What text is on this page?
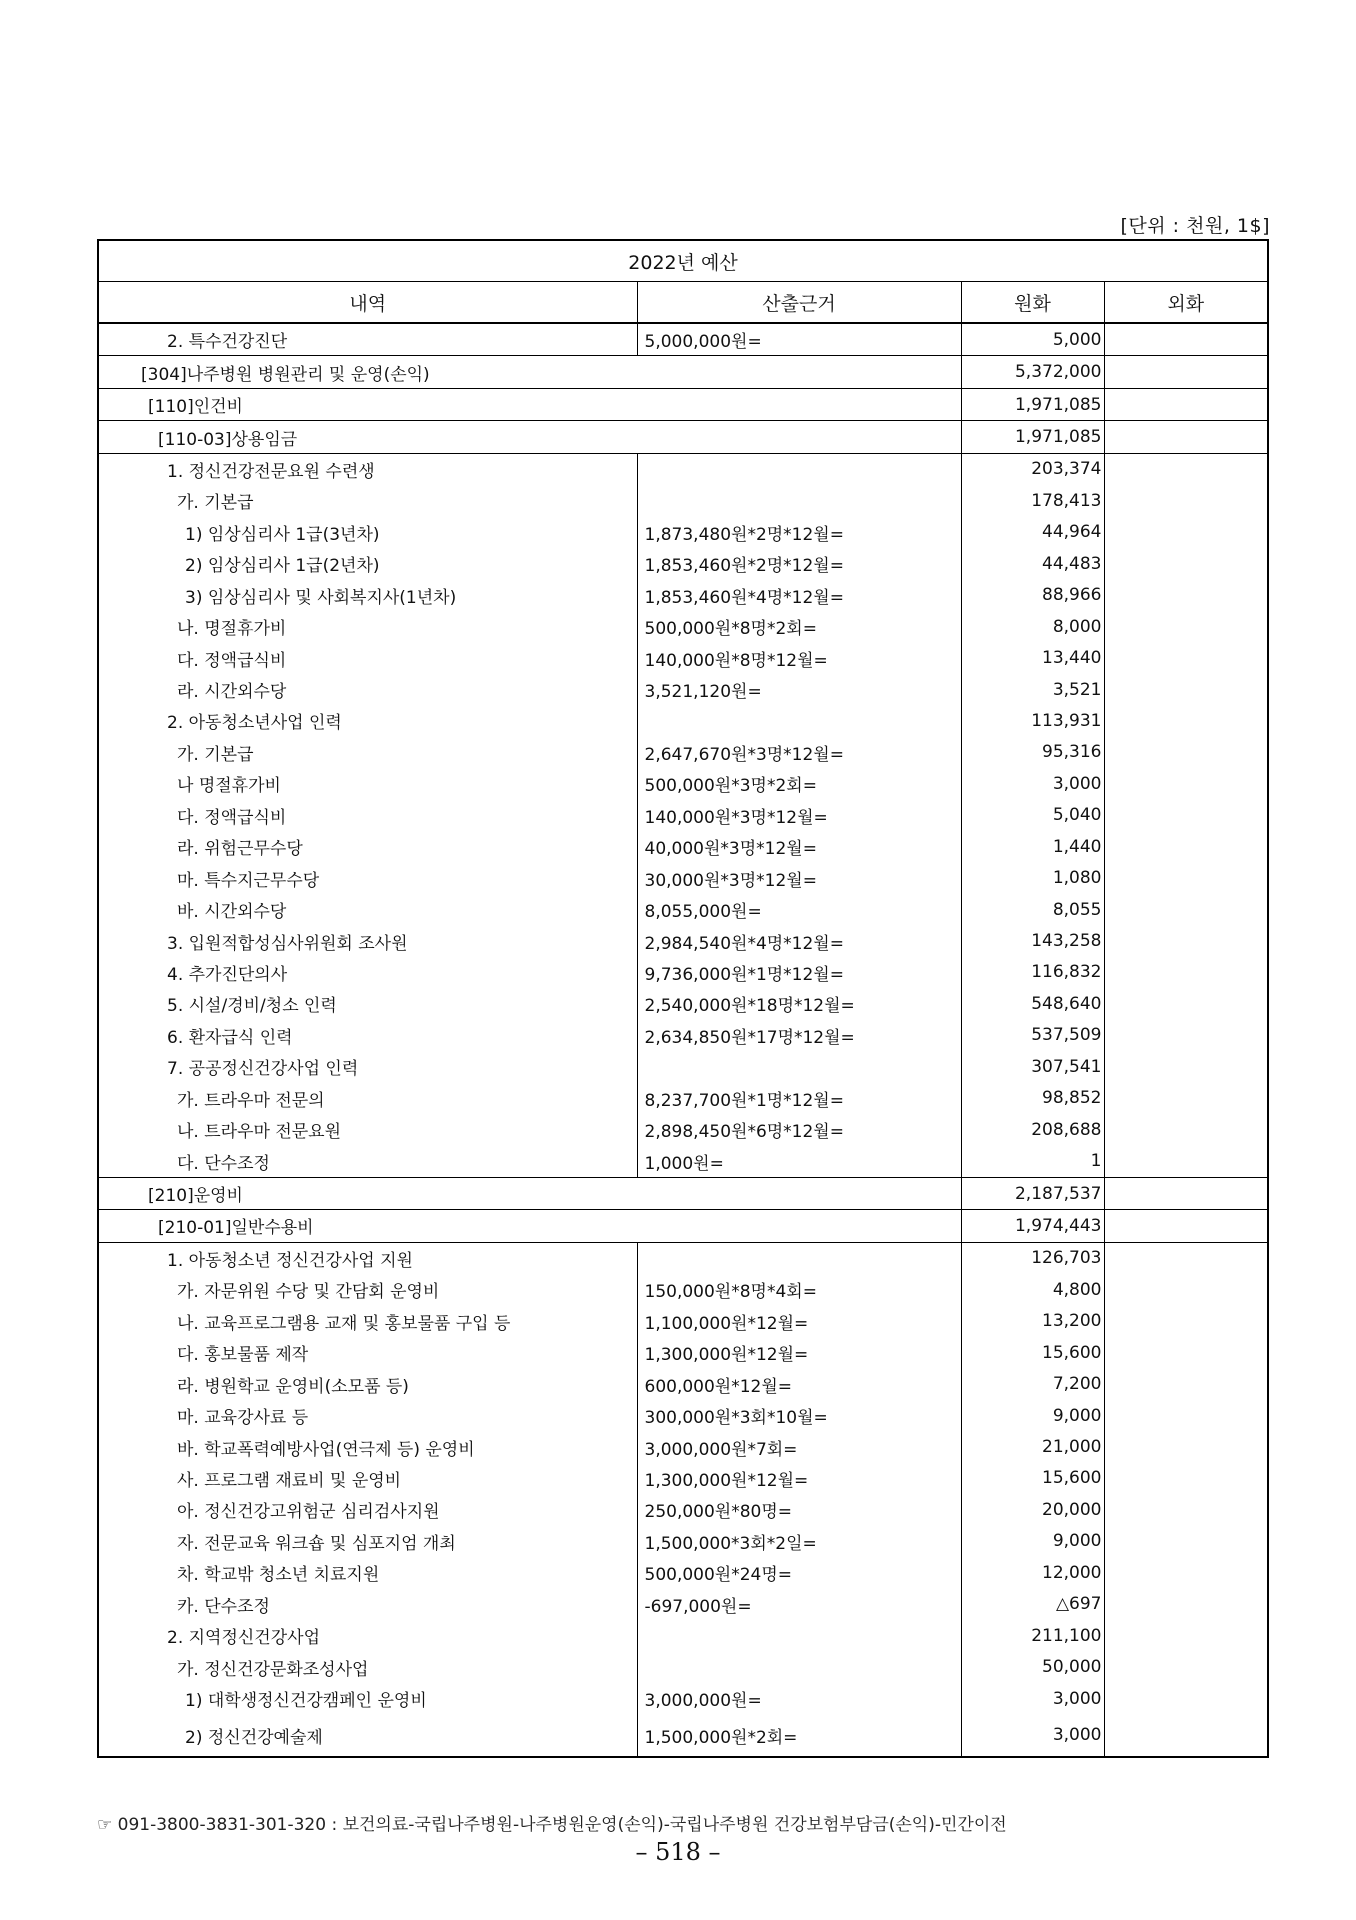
[단위 : 천원, 1$]
2022년 예산			
내역	산출근거	원화	외화
2. 특수건강진단	5,000,000원=	5,000	
[304]나주병원 병원관리 및 운영(손익)		5,372,000	
[110]인건비		1,971,085	
[110-03]상용임금		1,971,085	
1. 정신건강전문요원 수련생		203,374	
가. 기본급		178,413	
1) 임상심리사 1급(3년차)	1,873,480원*2명*12월=	44,964	
2) 임상심리사 1급(2년차)	1,853,460원*2명*12월=	44,483	
3) 임상심리사 및 사회복지사(1년차)	1,853,460원*4명*12월=	88,966	
나. 명절휴가비	500,000원*8명*2회=	8,000	
다. 정액급식비	140,000원*8명*12월=	13,440	
라. 시간외수당	3,521,120원=	3,521	
2. 아동청소년사업 인력		113,931	
가. 기본급	2,647,670원*3명*12월=	95,316	
나 명절휴가비	500,000원*3명*2회=	3,000	
다. 정액급식비	140,000원*3명*12월=	5,040	
라. 위험근무수당	40,000원*3명*12월=	1,440	
마. 특수지근무수당	30,000원*3명*12월=	1,080	
바. 시간외수당	8,055,000원=	8,055	
3. 입원적합성심사위원회 조사원	2,984,540원*4명*12월=	143,258	
4. 추가진단의사	9,736,000원*1명*12월=	116,832	
5. 시설/경비/청소 인력	2,540,000원*18명*12월=	548,640	
6. 환자급식 인력	2,634,850원*17명*12월=	537,509	
7. 공공정신건강사업 인력		307,541	
가. 트라우마 전문의	8,237,700원*1명*12월=	98,852	
나. 트라우마 전문요원	2,898,450원*6명*12월=	208,688	
다. 단수조정	1,000원=	1	
[210]운영비		2,187,537	
[210-01]일반수용비		1,974,443	
1. 아동청소년 정신건강사업 지원		126,703	
가. 자문위원 수당 및 간담회 운영비	150,000원*8명*4회=	4,800	
나. 교육프로그램용 교재 및 홍보물품 구입 등	1,100,000원*12월=	13,200	
다. 홍보물품 제작	1,300,000원*12월=	15,600	
라. 병원학교 운영비(소모품 등)	600,000원*12월=	7,200	
마. 교육강사료 등	300,000원*3회*10월=	9,000	
바. 학교폭력예방사업(연극제 등) 운영비	3,000,000원*7회=	21,000	
사. 프로그램 재료비 및 운영비	1,300,000원*12월=	15,600	
아. 정신건강고위험군 심리검사지원	250,000원*80명=	20,000	
자. 전문교육 워크숍 및 심포지엄 개최	1,500,000*3회*2일=	9,000	
차. 학교밖 청소년 치료지원	500,000원*24명=	12,000	
카. 단수조정	-697,000원=	△697	
2. 지역정신건강사업		211,100	
가. 정신건강문화조성사업		50,000	
1) 대학생정신건강캠페인 운영비	3,000,000원=	3,000	
2) 정신건강예술제	1,500,000원*2회=	3,000	
☞ 091-3800-3831-301-320 : 보건의료-국립나주병원-나주병원운영(손익)-국립나주병원 건강보험부담금(손익)-민간이전
– 518 –
